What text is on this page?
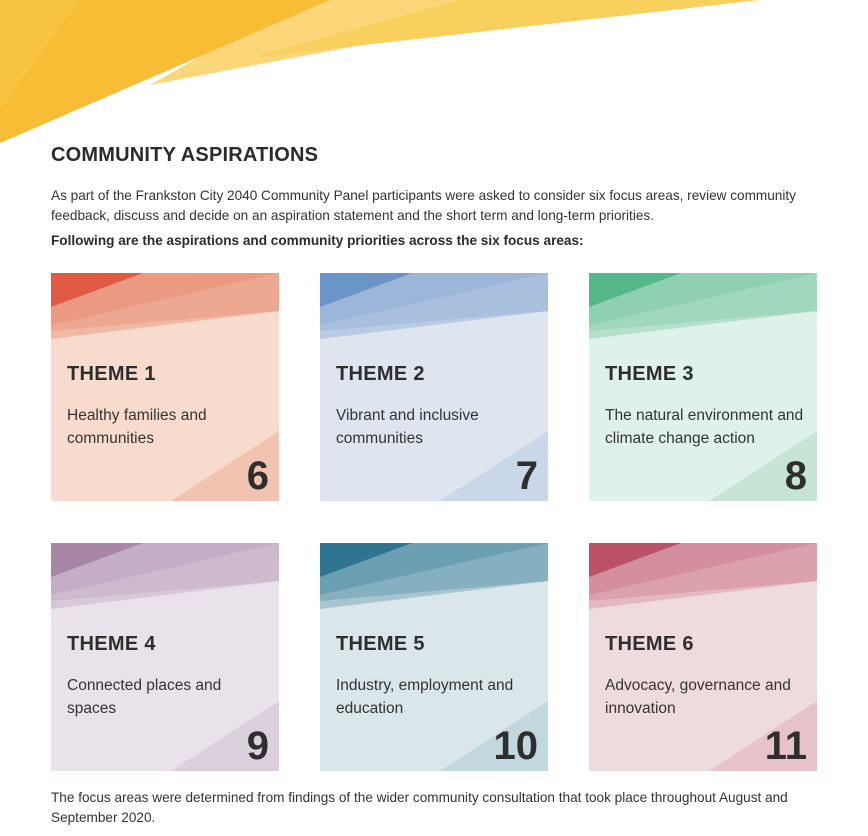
COMMUNITY ASPIRATIONS

As part of the Frankston City 2040 Community Panel participants were asked to consider six focus areas, review community feedback, discuss and decide on an aspiration statement and the short term and long-term priorities.

Following are the aspirations and community priorities across the six focus areas:

THEME 1
Healthy families and communities
6
THEME 2
Vibrant and inclusive communities
7
THEME 3
The natural environment and climate change action
8
THEME 4
Connected places and spaces
9
THEME 5
Industry, employment and education
10
THEME 6
Advocacy, governance and innovation
11

The focus areas were determined from findings of the wider community consultation that took place throughout August and September 2020.
